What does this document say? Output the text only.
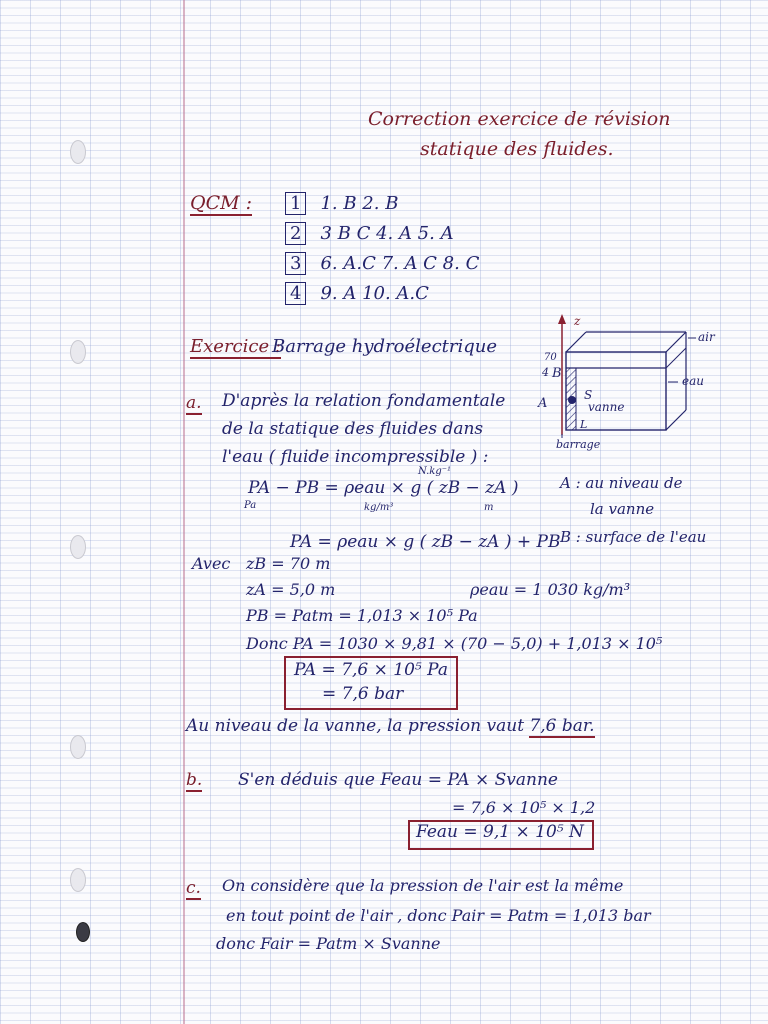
Correction exercice de révision
statique des fluides.
QCM : 1 1. B 2. B
2 3 B C 4. A 5. A
3 6. A.C 7. A C 8. C
4 9. A 10. A.C
Exercice :
Barrage hydroélectrique
z
air
eau
S
vanne
A
B
4
70
L
barrage
a. D'après la relation fondamentale
de la statique des fluides dans
l'eau ( fluide incompressible ) :
N.kg⁻¹
PA − PB = ρeau × g ( zB − zA )
Pa	kg/m³	m
A : au niveau de
la vanne
B : surface de l'eau
PA = ρeau × g ( zB − zA ) + PB
Avec zB = 70 m
zA = 5,0 m	ρeau = 1 030 kg/m³
PB = Patm = 1,013 × 10⁵ Pa
Donc PA = 1030 × 9,81 × (70 − 5,0) + 1,013 × 10⁵
PA = 7,6 × 10⁵ Pa
= 7,6 bar
Au niveau de la vanne, la pression vaut 7,6 bar.
b. S'en déduis que Feau = PA × Svanne
= 7,6 × 10⁵ × 1,2
Feau = 9,1 × 10⁵ N
c. On considère que la pression de l'air est la même
en tout point de l'air , donc Pair = Patm = 1,013 bar
donc Fair = Patm × Svanne
